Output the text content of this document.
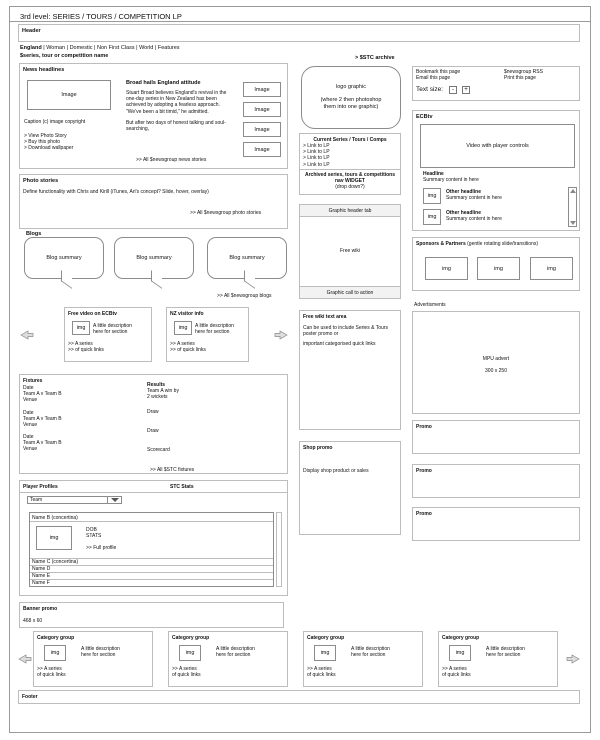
3rd level: SERIES / TOURS / COMPETITION LP
Header
England | Woman | Domestic | Non First Class | World | Features
$series, tour or competition name	> $STC archive
News headlines
Image
Caption (c) image copyright
> View Photo Story
> Buy this photo
> Download wallpaper
Broad hails England attitude
Stuart Broad believes England's revival in the
one-day series in New Zealand has been
achieved by adopting a fearless approach.
"We've been a bit timid," he admitted.
But after two days of honest talking and soul-
searching,
Image
Image
Image
Image
>> All $newsgroup news stories
logo graphic
(where 2 then photoshop
them into one graphic)
Bookmark this page
Email this page
$newsgroup RSS
Print this page
Text size:	-	+
Current Series / Tours / Comps
> Link to LP
> Link to LP
> Link to LP
> Link to LP
Archived series, tours & competitions
nav WIDGET
(drop down?)
ECBtv
Video with player controls
Headline
Summary content in here
img
Other headline
Summary content in here
img
Other headline
Summary content in here
Photo stories
Define functionality with Chris and Kirill (iTunes, Ari's concept? Slide, hover, overlay)
>> All $newsgroup photo stories	Graphic header tab
Free wiki
Graphic call to action
Blogs
Blog summary	Blog summary	Blog summary
>> All $newsgroup blogs
Sponsors & Partners (gentle rotating slide/transitions)
img	img	img
Free video on ECBtv
img	A little description
here for section
>> A series
>> of quick links
NZ visitor info
img	A little description
here for section
>> A series
>> of quick links
Free wiki text area
Can be used to include Series & Tours
poster promo or
important categorised quick links
Advertisments
MPU advert
300 x 250
Fixtures
Date
Team A v Team B
Venue
Date
Team A v Team B
Venue
Date
Team A v Team B
Venue
Results
Team A win by
2 wickets
Draw
Draw
Scorecard
>> All $STC fixtures
Promo
Promo
Promo
Shop promo
Display shop product or sales
Player Profiles	STC Stats
Team
Name B (concertina)
img
DOB
STATS
>> Full profile
Name C (concertina)
Name D
Name E
Name F
Banner promo
468 x 60
Category group
img
A little description
here for section
>> A series
of quick links
Category group
img
A little description
here for section
>> A series
of quick links
Category group
img
A little description
here for section
>> A series
of quick links
Category group
img
A little description
here for section
>> A series
of quick links
Footer
